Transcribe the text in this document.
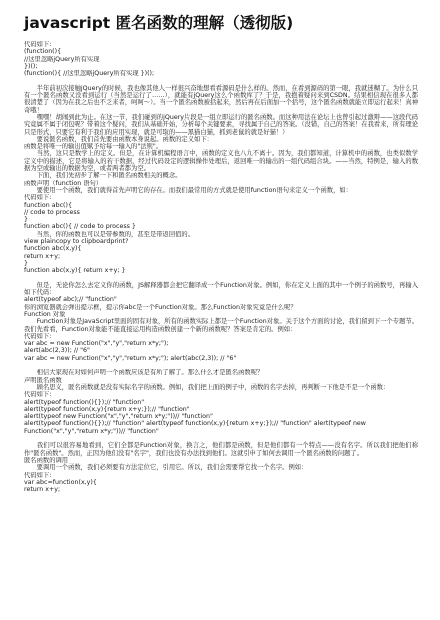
javascript 匿名函数的理解（透彻版)
代码如下:
(function(){
//这里忽略jQuery所有实现
})();
(function(){ //这里忽略jQuery所有实现 })();

　　半年前初次接触jQuery的时候，我也像其他人一样很兴奋地想看看源码是什么样的。然而，在看到源码的第一眼，我就迷糊了。为什么只有一个匿名函数又没看到运行（当然是运行了……），就能有jQuery这么个函数库了？于是，我抱着疑问来到CSDN。结果相信现在很多人都很清楚了（因为在我之后也不乏来者，呵呵～）。当一个匿名函数被括起来，然后再在后面加一个括号，这个匿名函数就能立即运行起来！真神奇哦！
　　嘿嘿！胡闹到此为止。在这一节，我们碰到的jQuery片段是一组立即运行的匿名函数。而这种用法在论坛上也曾引起过激辩——这段代码究竟属不属于闭包呢？带着这个疑问，我们从基础开始，分析每个关键要素，寻找属于自己的答案。（没错，自己的答案！在我看来，所有理论只是形式，只要它有利于我们的应用实现，就是可取的——黑猫白猫，抓到老鼠的就是好猫！）
　　要说匿名函数，我们首先要由函数本身说起。函数的定义如下：
函数是将唯一的输出值赋予给每一输入的"法则"。
　　当然，这只是数学上的定义。但是，在计算机编程语言中，函数的定义也八九不离十。因为，我们都知道，计算机中的函数，也类似数学定义中的描述，它是将输入的若干数据，经过代码设定的逻辑操作处理后，返回唯一的输出的一组代码组合块。——当然，特例是，输入的数据为空或输出的数据为空，或者两者都为空。
　　下面，我们先初步了解一下和匿名函数相关的概念。
函数声明（function 语句）
　　要使用一个函数，我们就得首先声明它的存在。而我们最常用的方式就是使用function语句来定义一个函数，如：
代码如下:
function abc(){
// code to process
}
function abc(){ // code to process }
　　当然，你的函数也可以是带参数的，甚至是带返回值的。
view plaincopy to clipboardprint?
function abc(x,y){
return x+y;
}
function abc(x,y){ return x+y; }

　　但是，无论你怎么去定义你的函数，JS解释器都会把它翻译成一个Function对象。例如，你在定义上面的其中一个例子的函数号，再输入如下代码：
alert(typeof abc);// "function"
你的浏览器就会弹出提示框，提示你abc是一个Function对象。那么Function对象究竟是什么呢？
Function 对象
　　Function对象是JavaScript里面的固有对象，所有的函数实际上都是一个Function对象。关于这个方面的讨论，我们留到下一个专题节。我们先看看，Function对象能不能直接运用构造函数创建一个新的函数呢？答案是肯定的。例如：
代码如下:
var abc = new Function("x","y","return x*y;");
alert(abc(2,3)); // "6"
var abc = new Function("x","y","return x*y;"); alert(abc(2,3)); // "6"

　　相信大家现在对如何声明一个函数应该是有所了解了。那么什么才是匿名函数呢？
声明匿名函数
　　顾名思义，匿名函数就是没有实际名字的函数。例如，我们把上面的例子中，函数的名字去掉，再判断一下他是不是一个函数：
代码如下:
alert(typeof function(){});// "function"
alert(typeof function(x,y){return x+y;});// "function"
alert(typeof new Function("x","y","return x*y;"))// "function"
alert(typeof function(){});// "function" alert(typeof function(x,y){return x+y;});// "function" alert(typeof new
Function("x","y","return x*y;"))// "function"

　　我们可以很容易地看到，它们全都是Function对象，换言之，他们都是函数，但是他们都有一个特点——没有名字。所以我们把他们称作"匿名函数"。然而，正因为他们没有"名字"，我们也没有办法找到他们。这就引申了如何去调用一个匿名函数的问题了。
匿名函数的调用
　　要调用一个函数，我们必须要有方法定位它，引用它。所以，我们会需要帮它找一个名字。例如：
代码如下:
var abc=function(x,y){
return x+y;
